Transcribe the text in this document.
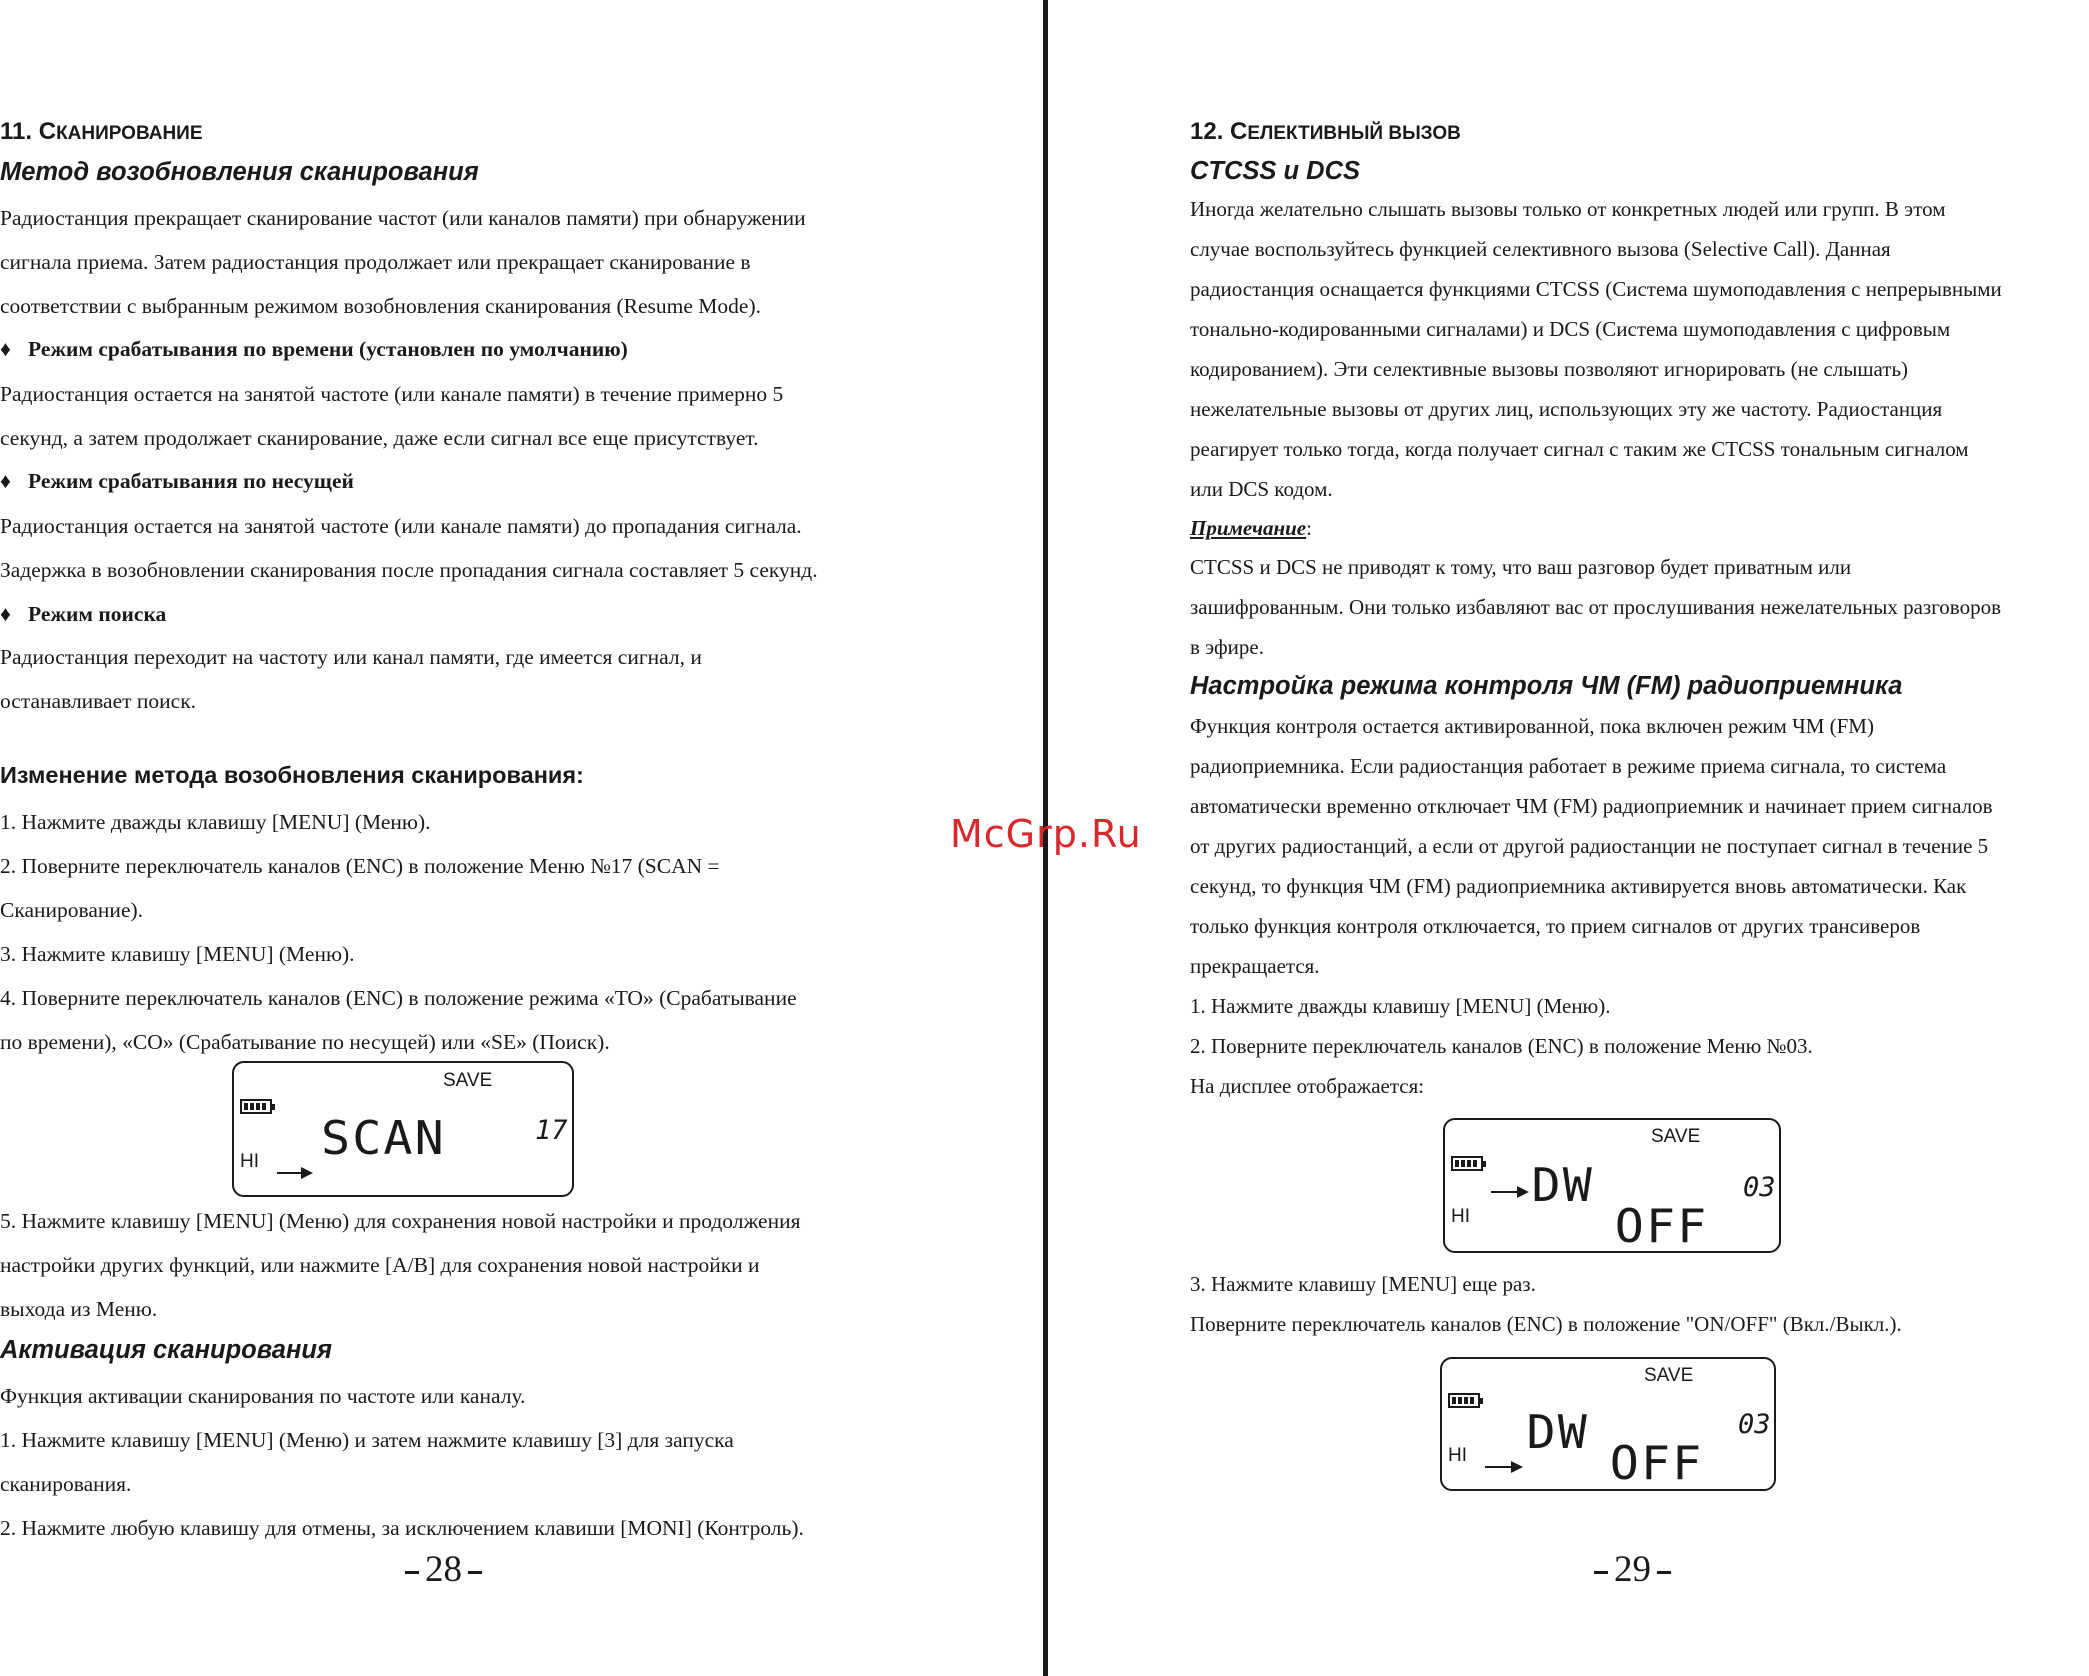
11. СКАНИРОВАНИЕ
Метод возобновления сканирования
Радиостанция прекращает сканирование частот (или каналов памяти) при обнаружении
сигнала приема. Затем радиостанция продолжает или прекращает сканирование в
соответствии с выбранным режимом возобновления сканирования (Resume Mode).
♦ Режим срабатывания по времени (установлен по умолчанию)
Радиостанция остается на занятой частоте (или канале памяти) в течение примерно 5
секунд, а затем продолжает сканирование, даже если сигнал все еще присутствует.
♦ Режим срабатывания по несущей
Радиостанция остается на занятой частоте (или канале памяти) до пропадания сигнала.
Задержка в возобновлении сканирования после пропадания сигнала составляет 5 секунд.
♦ Режим поиска
Радиостанция переходит на частоту или канал памяти, где имеется сигнал, и
останавливает поиск.
Изменение метода возобновления сканирования:
1. Нажмите дважды клавишу [MENU] (Меню).
2. Поверните переключатель каналов (ENC) в положение Меню №17 (SCAN =
Сканирование).
3. Нажмите клавишу [MENU] (Меню).
4. Поверните переключатель каналов (ENC) в положение режима «TO» (Срабатывание
по времени), «CO» (Срабатывание по несущей) или «SE» (Поиск).
SAVE
HI SCAN	17
5. Нажмите клавишу [MENU] (Меню) для сохранения новой настройки и продолжения
настройки других функций, или нажмите [A/B] для сохранения новой настройки и
выхода из Меню.
Активация сканирования
Функция активации сканирования по частоте или каналу.
1. Нажмите клавишу [MENU] (Меню) и затем нажмите клавишу [3] для запуска
сканирования.
2. Нажмите любую клавишу для отмены, за исключением клавиши [MONI] (Контроль).
28
McGrp.Ru
12. СЕЛЕКТИВНЫЙ ВЫЗОВ
CTCSS и DCS
Иногда желательно слышать вызовы только от конкретных людей или групп. В этом
случае воспользуйтесь функцией селективного вызова (Selective Call). Данная
радиостанция оснащается функциями CTCSS (Система шумоподавления с непрерывными
тонально-кодированными сигналами) и DCS (Система шумоподавления с цифровым
кодированием). Эти селективные вызовы позволяют игнорировать (не слышать)
нежелательные вызовы от других лиц, использующих эту же частоту. Радиостанция
реагирует только тогда, когда получает сигнал с таким же CTCSS тональным сигналом
или DCS кодом.
Примечание:
CTCSS и DCS не приводят к тому, что ваш разговор будет приватным или
зашифрованным. Они только избавляют вас от прослушивания нежелательных разговоров
в эфире.
Настройка режима контроля ЧМ (FM) радиоприемника
Функция контроля остается активированной, пока включен режим ЧМ (FM)
радиоприемника. Если радиостанция работает в режиме приема сигнала, то система
автоматически временно отключает ЧМ (FM) радиоприемник и начинает прием сигналов
от других радиостанций, а если от другой радиостанции не поступает сигнал в течение 5
секунд, то функция ЧМ (FM) радиоприемника активируется вновь автоматически. Как
только функция контроля отключается, то прием сигналов от других трансиверов
прекращается.
1. Нажмите дважды клавишу [MENU] (Меню).
2. Поверните переключатель каналов (ENC) в положение Меню №03.
На дисплее отображается:
SAVE
DW
HI
03
OFF
3. Нажмите клавишу [MENU] еще раз.
Поверните переключатель каналов (ENC) в положение "ON/OFF" (Вкл./Выкл.).
SAVE
DW	03
HI	OFF
29
